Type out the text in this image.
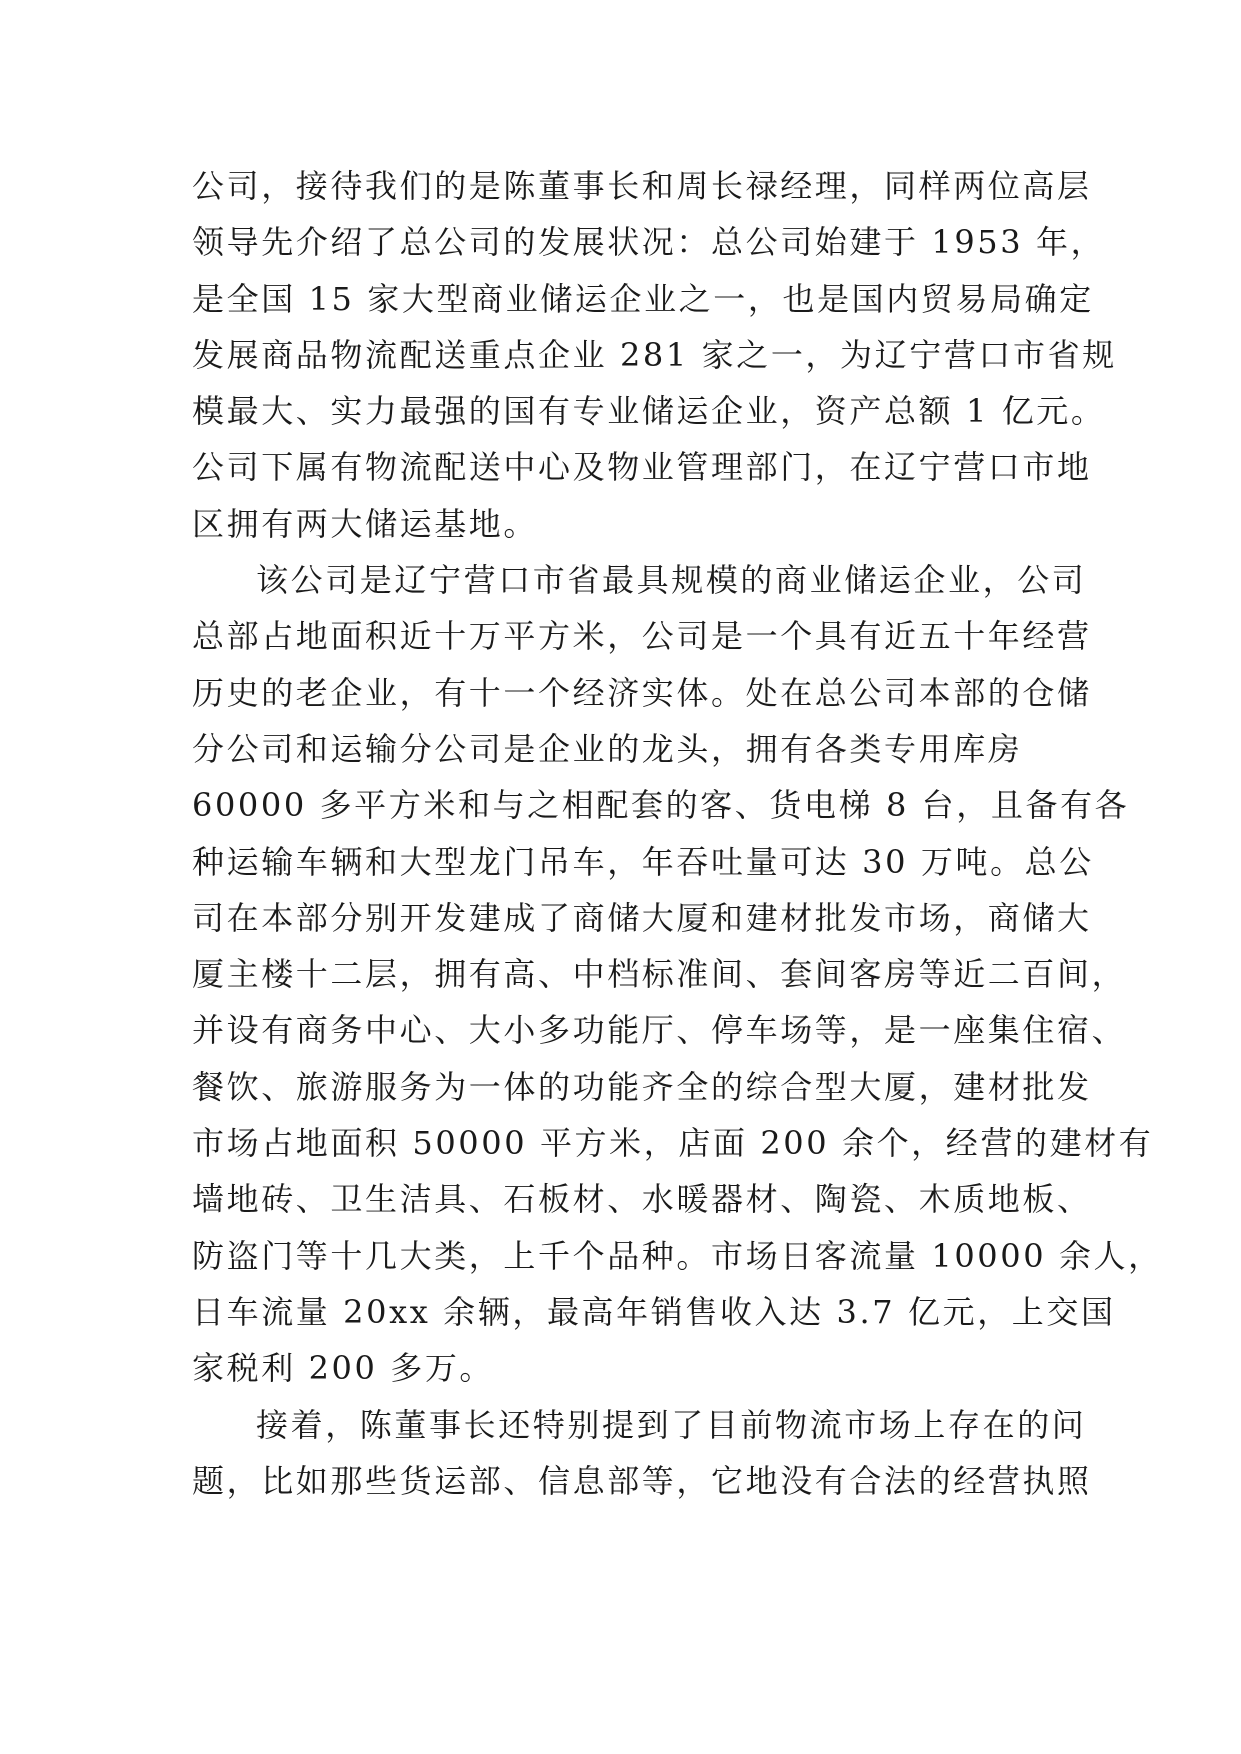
公司，接待我们的是陈董事长和周长禄经理，同样两位高层
领导先介绍了总公司的发展状况：总公司始建于 1953 年，
是全国 15 家大型商业储运企业之一，也是国内贸易局确定
发展商品物流配送重点企业 281 家之一，为辽宁营口市省规
模最大、实力最强的国有专业储运企业，资产总额 1 亿元。
公司下属有物流配送中心及物业管理部门，在辽宁营口市地
区拥有两大储运基地。
该公司是辽宁营口市省最具规模的商业储运企业，公司
总部占地面积近十万平方米，公司是一个具有近五十年经营
历史的老企业，有十一个经济实体。处在总公司本部的仓储
分公司和运输分公司是企业的龙头，拥有各类专用库房
60000 多平方米和与之相配套的客、货电梯 8 台，且备有各
种运输车辆和大型龙门吊车，年吞吐量可达 30 万吨。总公
司在本部分别开发建成了商储大厦和建材批发市场，商储大
厦主楼十二层，拥有高、中档标准间、套间客房等近二百间，
并设有商务中心、大小多功能厅、停车场等，是一座集住宿、
餐饮、旅游服务为一体的功能齐全的综合型大厦，建材批发
市场占地面积 50000 平方米，店面 200 余个，经营的建材有
墙地砖、卫生洁具、石板材、水暖器材、陶瓷、木质地板、
防盗门等十几大类，上千个品种。市场日客流量 10000 余人，
日车流量 20xx 余辆，最高年销售收入达 3.7 亿元，上交国
家税利 200 多万。
接着，陈董事长还特别提到了目前物流市场上存在的问
题，比如那些货运部、信息部等，它地没有合法的经营执照
